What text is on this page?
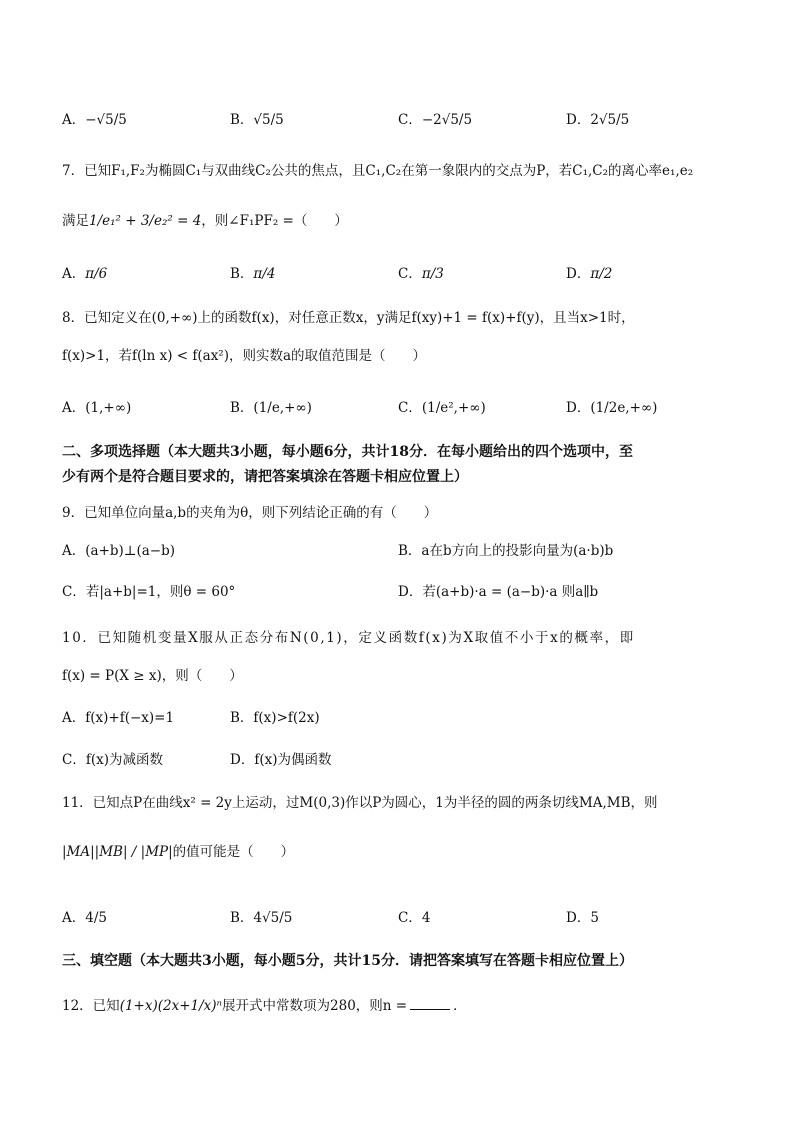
A．−√5/5	B．√5/5	C．−2√5/5	D．2√5/5
7．已知F₁,F₂为椭圆C₁与双曲线C₂公共的焦点，且C₁,C₂在第一象限内的交点为P，若C₁,C₂的离心率e₁,e₂
满足1/e₁² + 3/e₂² = 4，则∠F₁PF₂ =（　　）
A．π/6	B．π/4	C．π/3	D．π/2
8．已知定义在(0,+∞)上的函数f(x)，对任意正数x，y满足f(xy)+1 = f(x)+f(y)，且当x>1时，
f(x)>1，若f(ln x) < f(ax²)，则实数a的取值范围是（　　）
A．(1,+∞)	B．(1/e,+∞)	C．(1/e²,+∞)	D．(1/2e,+∞)
二、多项选择题（本大题共3小题，每小题6分，共计18分．在每小题给出的四个选项中，至
少有两个是符合题目要求的，请把答案填涂在答题卡相应位置上）
9．已知单位向量a,b的夹角为θ，则下列结论正确的有（　　）
A．(a+b)⊥(a−b)	B．a在b方向上的投影向量为(a·b)b
C．若|a+b|=1，则θ = 60°	D．若(a+b)·a = (a−b)·a 则a∥b
10．已知随机变量X服从正态分布N(0,1)，定义函数f(x)为X取值不小于x的概率，即
f(x) = P(X ≥ x)，则（　　）
A．f(x)+f(−x)=1	B．f(x)>f(2x)
C．f(x)为减函数	D．f(x)为偶函数
11．已知点P在曲线x² = 2y上运动，过M(0,3)作以P为圆心，1为半径的圆的两条切线MA,MB，则
|MA||MB| / |MP|的值可能是（　　）
A．4/5	B．4√5/5	C．4	D．5
三、填空题（本大题共3小题，每小题5分，共计15分．请把答案填写在答题卡相应位置上）
12．已知(1+x)(2x+1/x)ⁿ展开式中常数项为280，则n =	．
